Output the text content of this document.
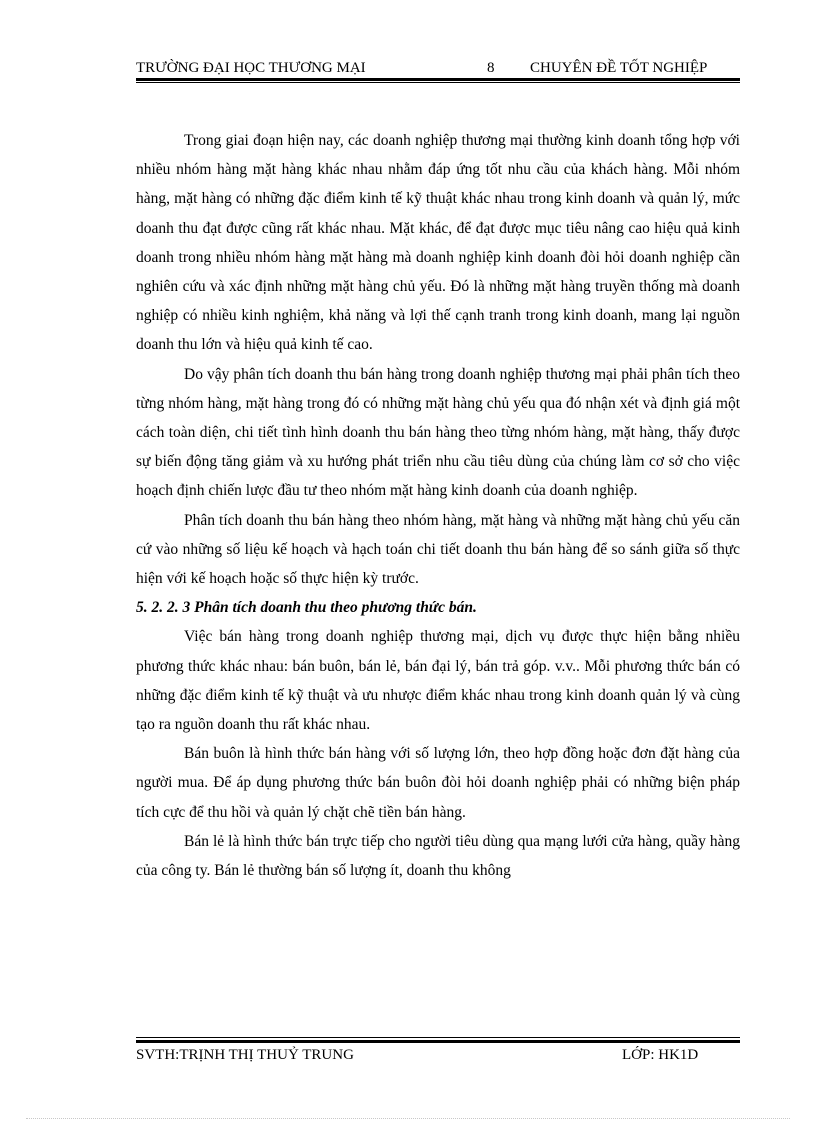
TRƯỜNG ĐẠI HỌC THƯƠNG MẠI	8 CHUYÊN ĐỀ TỐT NGHIỆP

Trong giai đoạn hiện nay, các doanh nghiệp thương mại thường kinh doanh tổng hợp với nhiều nhóm hàng mặt hàng khác nhau nhằm đáp ứng tốt nhu cầu của khách hàng. Mỗi nhóm hàng, mặt hàng có những đặc điểm kinh tế kỹ thuật khác nhau trong kinh doanh và quản lý, mức doanh thu đạt được cũng rất khác nhau. Mặt khác, để đạt được mục tiêu nâng cao hiệu quả kinh doanh trong nhiều nhóm hàng mặt hàng mà doanh nghiệp kinh doanh đòi hỏi doanh nghiệp cần nghiên cứu và xác định những mặt hàng chủ yếu. Đó là những mặt hàng truyền thống mà doanh nghiệp có nhiều kinh nghiệm, khả năng và lợi thế cạnh tranh trong kinh doanh, mang lại nguồn doanh thu lớn và hiệu quả kinh tế cao.

Do vậy phân tích doanh thu bán hàng trong doanh nghiệp thương mại phải phân tích theo từng nhóm hàng, mặt hàng trong đó có những mặt hàng chủ yếu qua đó nhận xét và định giá một cách toàn diện, chi tiết tình hình doanh thu bán hàng theo từng nhóm hàng, mặt hàng, thấy được sự biến động tăng giảm và xu hướng phát triển nhu cầu tiêu dùng của chúng làm cơ sở cho việc hoạch định chiến lược đầu tư theo nhóm mặt hàng kinh doanh của doanh nghiệp.

Phân tích doanh thu bán hàng theo nhóm hàng, mặt hàng và những mặt hàng chủ yếu căn cứ vào những số liệu kế hoạch và hạch toán chi tiết doanh thu bán hàng để so sánh giữa số thực hiện với kế hoạch hoặc số thực hiện kỳ trước.

5. 2. 2. 3 Phân tích doanh thu theo phương thức bán.

Việc bán hàng trong doanh nghiệp thương mại, dịch vụ được thực hiện bằng nhiều phương thức khác nhau: bán buôn, bán lẻ, bán đại lý, bán trả góp. v.v.. Mỗi phương thức bán có những đặc điểm kinh tế kỹ thuật và ưu nhược điểm khác nhau trong kinh doanh quản lý và cùng tạo ra nguồn doanh thu rất khác nhau.

Bán buôn là hình thức bán hàng với số lượng lớn, theo hợp đồng hoặc đơn đặt hàng của người mua. Để áp dụng phương thức bán buôn đòi hỏi doanh nghiệp phải có những biện pháp tích cực để thu hồi và quản lý chặt chẽ tiền bán hàng.

Bán lẻ là hình thức bán trực tiếp cho người tiêu dùng qua mạng lưới cửa hàng, quầy hàng của công ty. Bán lẻ thường bán số lượng ít, doanh thu không

SVTH:TRỊNH THỊ THUỶ TRUNG	LỚP: HK1D
